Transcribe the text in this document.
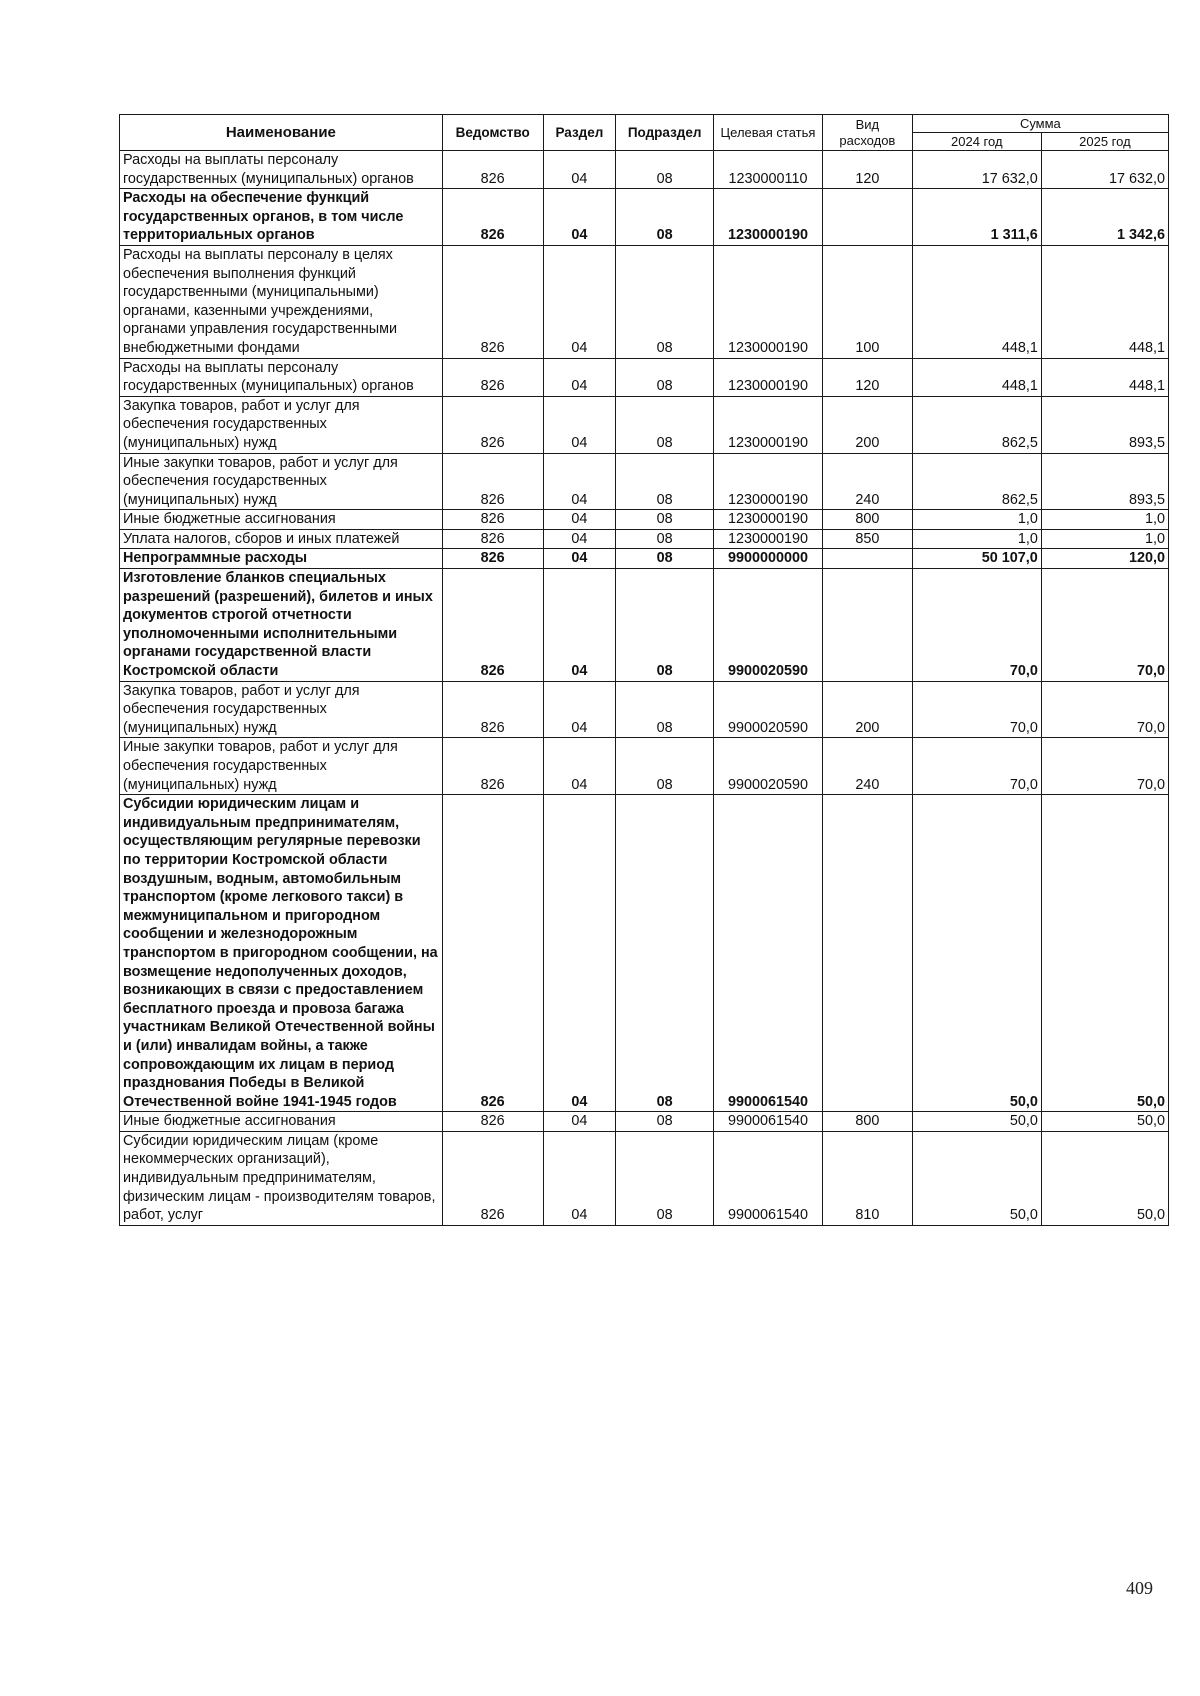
Наименование	Ведомство	Раздел	Подраздел	Целевая статья	Вид расходов	Сумма	
						2024 год	2025 год
Расходы на выплаты персоналу государственных (муниципальных) органов	826	04	08	1230000110	120	17 632,0	17 632,0
Расходы на обеспечение функций государственных органов, в том числе территориальных органов	826	04	08	1230000190		1 311,6	1 342,6
Расходы на выплаты персоналу в целях обеспечения выполнения функций государственными (муниципальными) органами, казенными учреждениями, органами управления государственными внебюджетными фондами	826	04	08	1230000190	100	448,1	448,1
Расходы на выплаты персоналу государственных (муниципальных) органов	826	04	08	1230000190	120	448,1	448,1
Закупка товаров, работ и услуг для обеспечения государственных (муниципальных) нужд	826	04	08	1230000190	200	862,5	893,5
Иные закупки товаров, работ и услуг для обеспечения государственных (муниципальных) нужд	826	04	08	1230000190	240	862,5	893,5
Иные бюджетные ассигнования	826	04	08	1230000190	800	1,0	1,0
Уплата налогов, сборов и иных платежей	826	04	08	1230000190	850	1,0	1,0
Непрограммные расходы	826	04	08	9900000000		50 107,0	120,0
Изготовление бланков специальных разрешений (разрешений), билетов и иных документов строгой отчетности уполномоченными исполнительными органами государственной власти Костромской области	826	04	08	9900020590		70,0	70,0
Закупка товаров, работ и услуг для обеспечения государственных (муниципальных) нужд	826	04	08	9900020590	200	70,0	70,0
Иные закупки товаров, работ и услуг для обеспечения государственных (муниципальных) нужд	826	04	08	9900020590	240	70,0	70,0
Субсидии юридическим лицам и индивидуальным предпринимателям, осуществляющим регулярные перевозки по территории Костромской области воздушным, водным, автомобильным транспортом (кроме легкового такси) в межмуниципальном и пригородном сообщении и железнодорожным транспортом в пригородном сообщении, на возмещение недополученных доходов, возникающих в связи с предоставлением бесплатного проезда и провоза багажа участникам Великой Отечественной войны и (или) инвалидам войны, а также сопровождающим их лицам в период празднования Победы в Великой Отечественной войне 1941-1945 годов	826	04	08	9900061540		50,0	50,0
Иные бюджетные ассигнования	826	04	08	9900061540	800	50,0	50,0
Субсидии юридическим лицам (кроме некоммерческих организаций), индивидуальным предпринимателям, физическим лицам - производителям товаров, работ, услуг	826	04	08	9900061540	810	50,0	50,0
409
